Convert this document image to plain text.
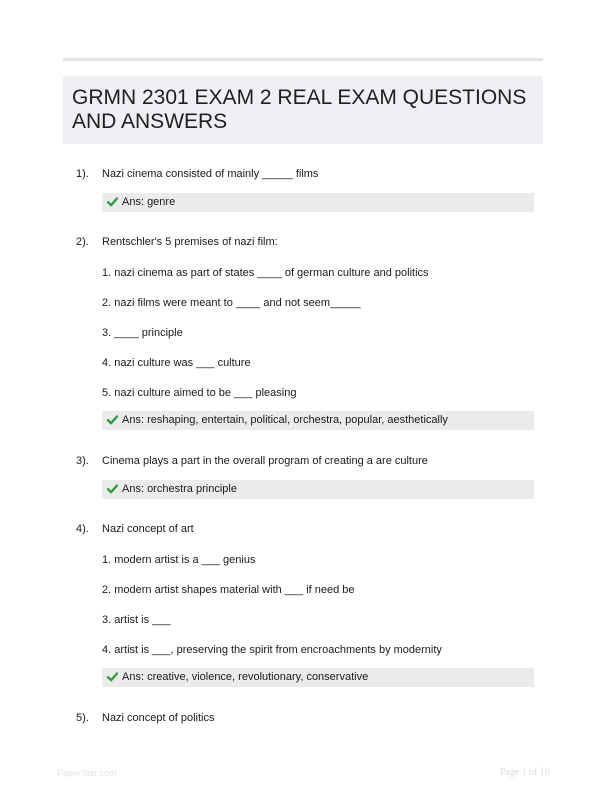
GRMN 2301 EXAM 2 REAL EXAM QUESTIONS AND ANSWERS
1). Nazi cinema consisted of mainly _____ films
Ans: genre
2). Rentschler's 5 premises of nazi film:
1. nazi cinema as part of states ____ of german culture and politics
2. nazi films were meant to ____ and not seem_____
3. ____ principle
4. nazi culture was ___ culture
5. nazi culture aimed to be ___ pleasing
Ans: reshaping, entertain, political, orchestra, popular, aesthetically
3). Cinema plays a part in the overall program of creating a are culture
Ans: orchestra principle
4). Nazi concept of art
1. modern artist is a ___ genius
2. modern artist shapes material with ___ if need be
3. artist is ___
4. artist is ___, preserving the spirit from encroachments by modernity
Ans: creative, violence, revolutionary, conservative
5). Nazi concept of politics
PaperStar.com	Page 1 of 10
